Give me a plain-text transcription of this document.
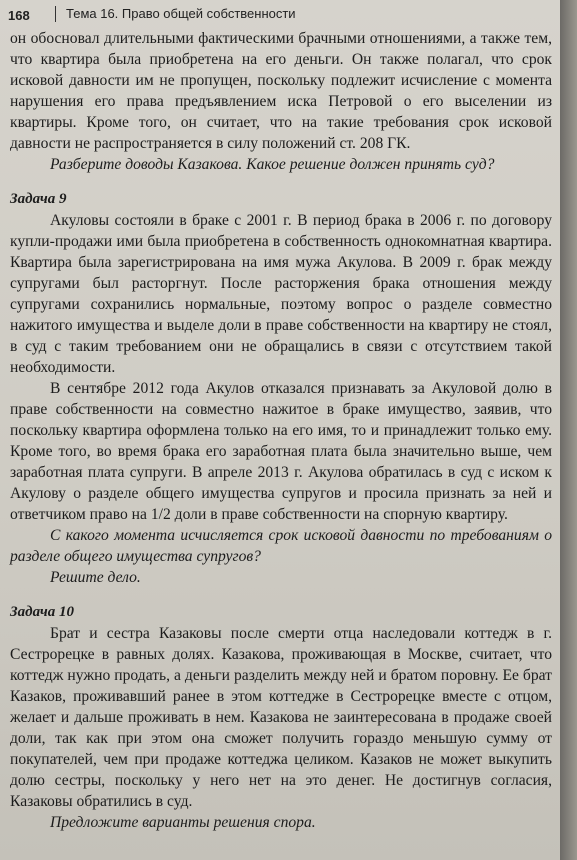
168	Тема 16. Право общей собственности

он обосновал длительными фактическими брачными отношениями, а также тем, что квартира была приобретена на его деньги. Он также полагал, что срок исковой давности им не пропущен, поскольку подлежит исчисление с момента нарушения его права предъявлением иска Петровой о его выселении из квартиры. Кроме того, он считает, что на такие требования срок исковой давности не распространяется в силу положений ст. 208 ГК.

Разберите доводы Казакова. Какое решение должен принять суд?

Задача 9

Акуловы состояли в браке с 2001 г. В период брака в 2006 г. по договору купли-продажи ими была приобретена в собственность однокомнатная квартира. Квартира была зарегистрирована на имя мужа Акулова. В 2009 г. брак между супругами был расторгнут. После расторжения брака отношения между супругами сохранились нормальные, поэтому вопрос о разделе совместно нажитого имущества и выделе доли в праве собственности на квартиру не стоял, в суд с таким требованием они не обращались в связи с отсутствием такой необходимости.

В сентябре 2012 года Акулов отказался признавать за Акуловой долю в праве собственности на совместно нажитое в браке имущество, заявив, что поскольку квартира оформлена только на его имя, то и принадлежит только ему. Кроме того, во время брака его заработная плата была значительно выше, чем заработная плата супруги. В апреле 2013 г. Акулова обратилась в суд с иском к Акулову о разделе общего имущества супругов и просила признать за ней и ответчиком право на 1/2 доли в праве собственности на спорную квартиру.

С какого момента исчисляется срок исковой давности по требованиям о разделе общего имущества супругов?

Решите дело.

Задача 10

Брат и сестра Казаковы после смерти отца наследовали коттедж в г. Сестрорецке в равных долях. Казакова, проживающая в Москве, считает, что коттедж нужно продать, а деньги разделить между ней и братом поровну. Ее брат Казаков, проживавший ранее в этом коттедже в Сестрорецке вместе с отцом, желает и дальше проживать в нем. Казакова не заинтересована в продаже своей доли, так как при этом она сможет получить гораздо меньшую сумму от покупателей, чем при продаже коттеджа целиком. Казаков не может выкупить долю сестры, поскольку у него нет на это денег. Не достигнув согласия, Казаковы обратились в суд.

Предложите варианты решения спора.
